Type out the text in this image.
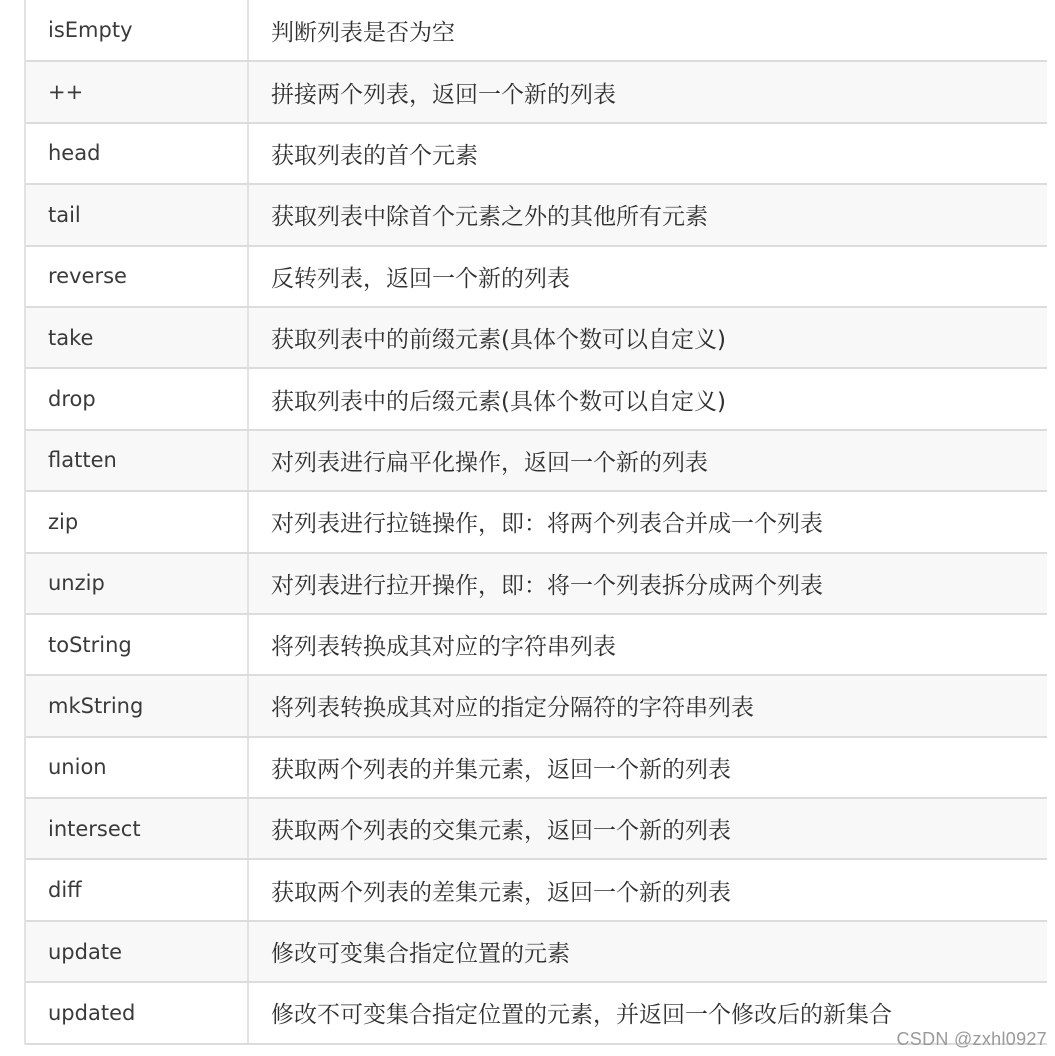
isEmpty	判断列表是否为空
++	拼接两个列表，返回一个新的列表
head	获取列表的首个元素
tail	获取列表中除首个元素之外的其他所有元素
reverse	反转列表，返回一个新的列表
take	获取列表中的前缀元素(具体个数可以自定义)
drop	获取列表中的后缀元素(具体个数可以自定义)
flatten	对列表进行扁平化操作，返回一个新的列表
zip	对列表进行拉链操作，即：将两个列表合并成一个列表
unzip	对列表进行拉开操作，即：将一个列表拆分成两个列表
toString	将列表转换成其对应的字符串列表
mkString	将列表转换成其对应的指定分隔符的字符串列表
union	获取两个列表的并集元素，返回一个新的列表
intersect	获取两个列表的交集元素，返回一个新的列表
diff	获取两个列表的差集元素，返回一个新的列表
update	修改可变集合指定位置的元素
updated	修改不可变集合指定位置的元素，并返回一个修改后的新集合
CSDN @zxhl0927
